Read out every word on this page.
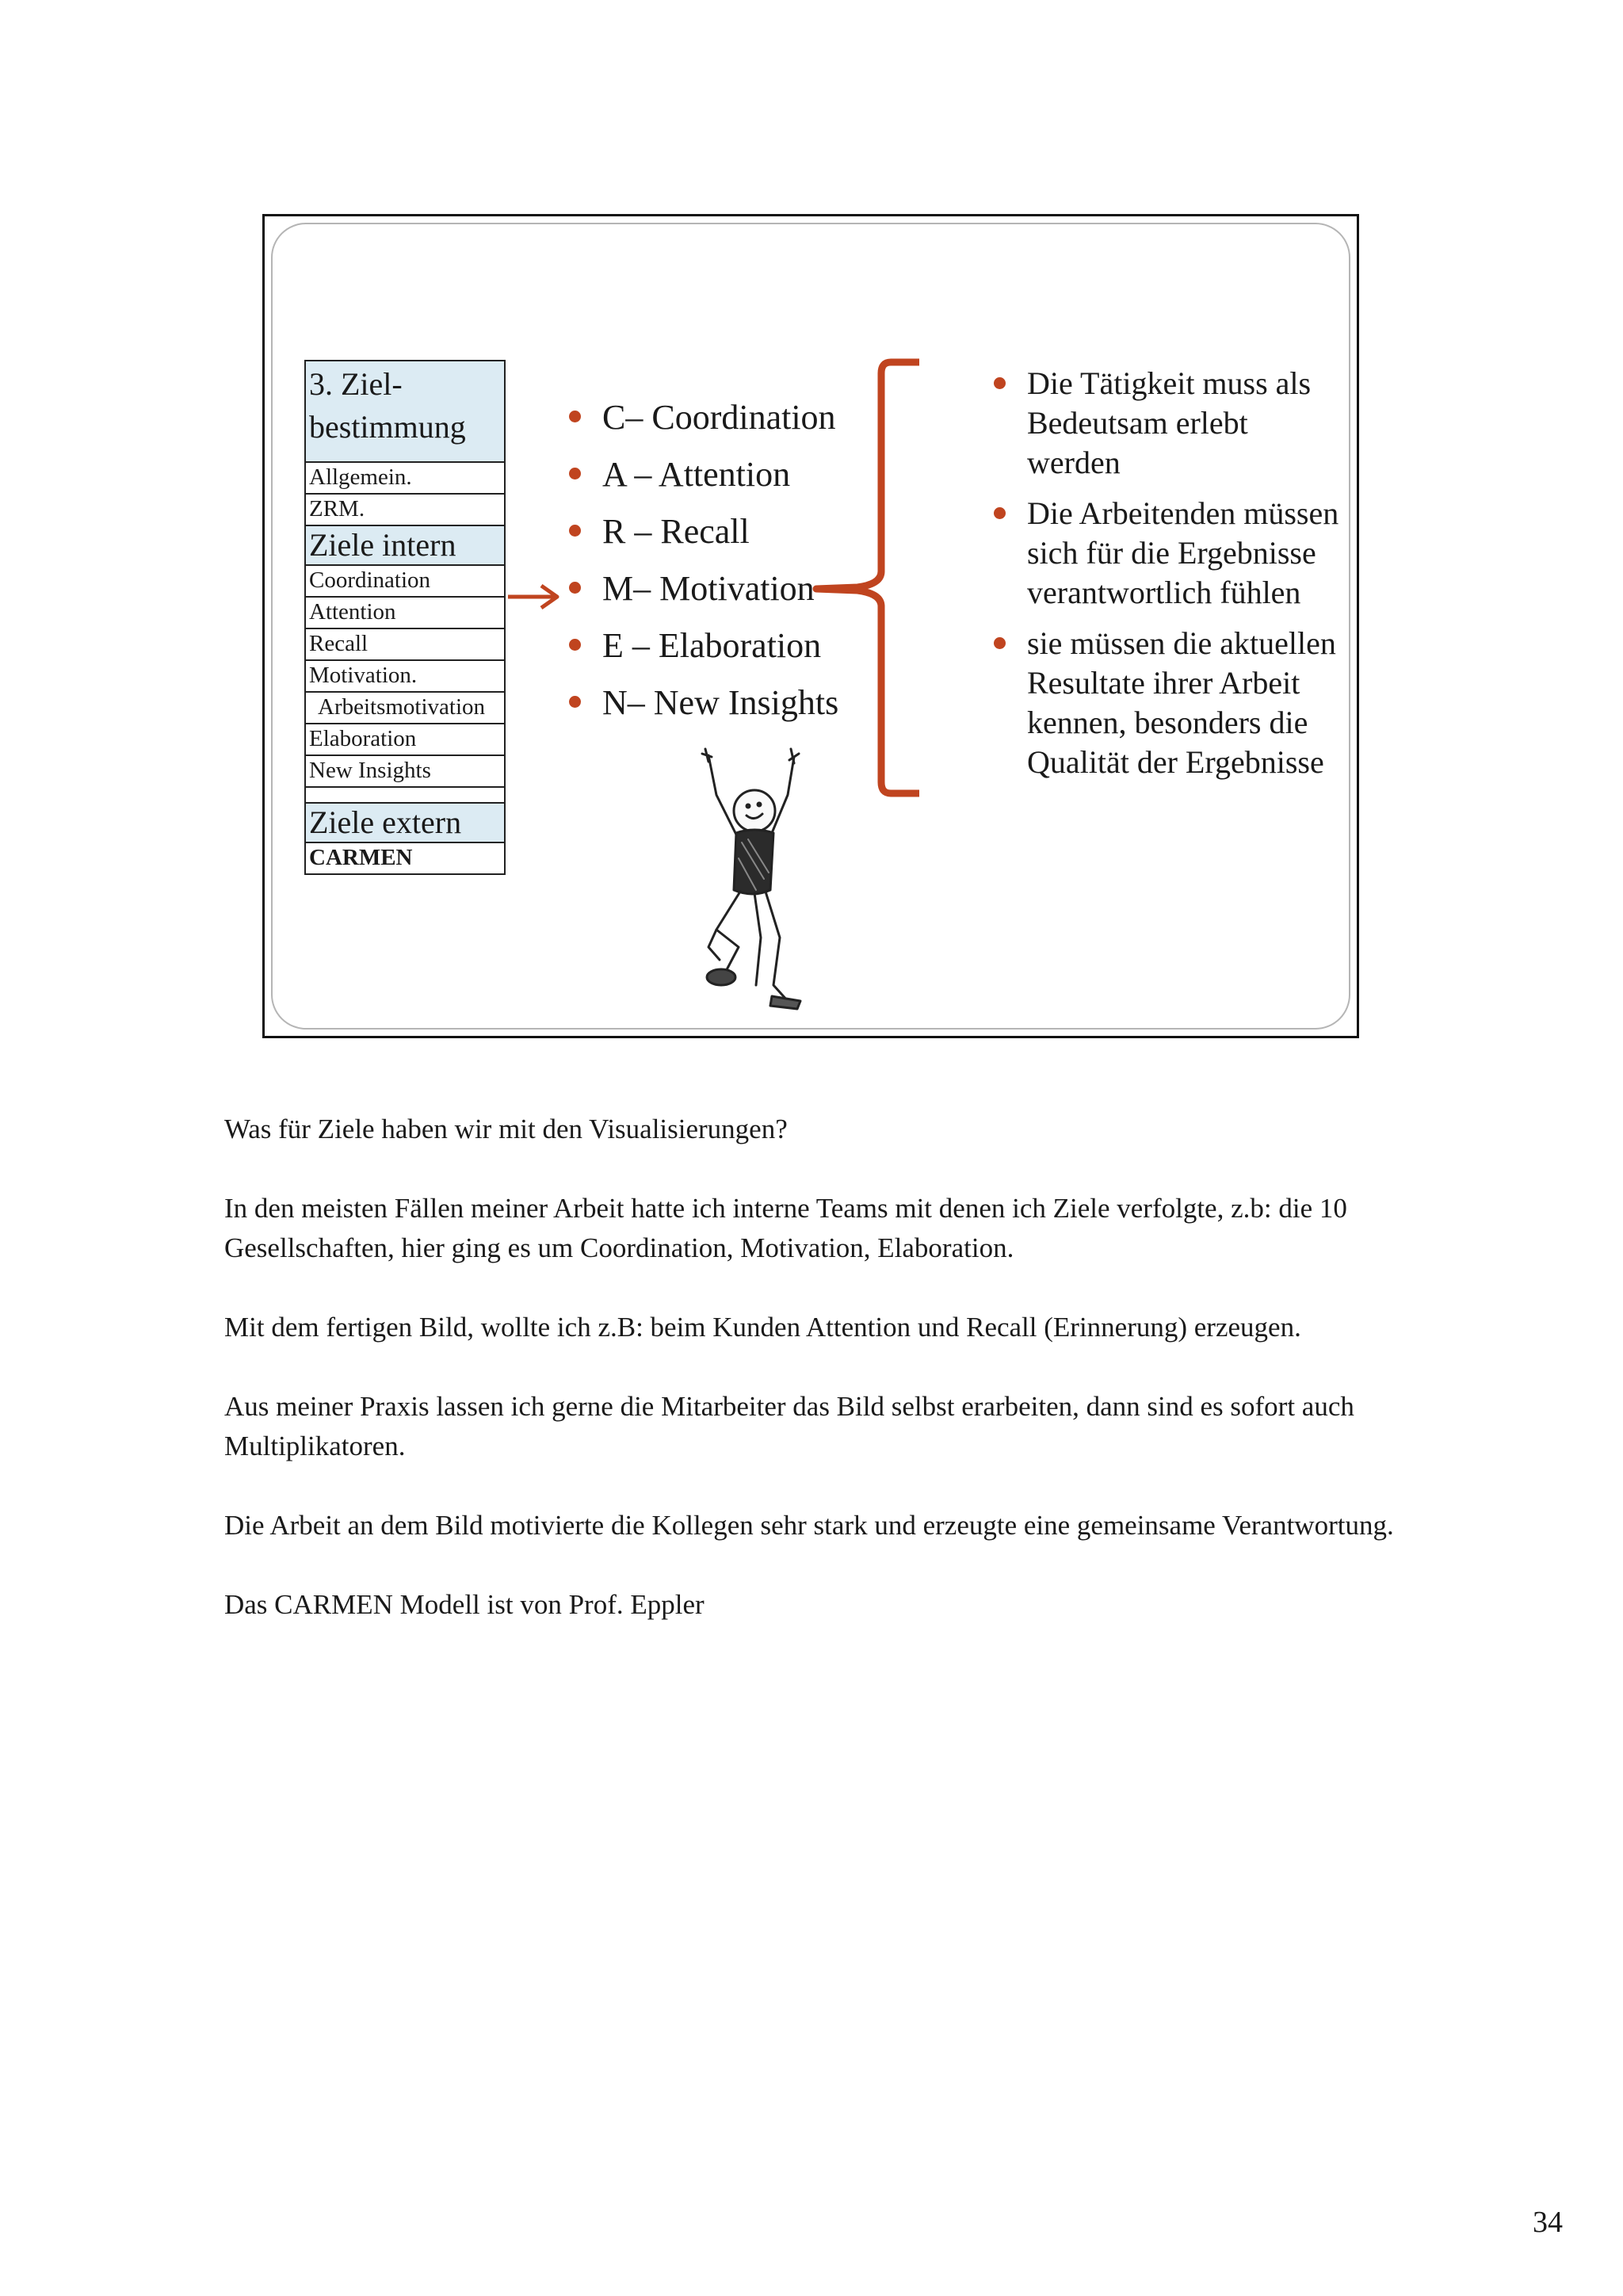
3. Ziel-
bestimmung
Allgemein.
ZRM.
Ziele intern
Coordination
Attention
Recall
Motivation.
Arbeitsmotivation
Elaboration
New Insights

Ziele extern
CARMEN
C– Coordination
A – Attention
R – Recall
M– Motivation
E – Elaboration
N– New Insights
Die Tätigkeit muss als Bedeutsam erlebt werden
Die Arbeitenden müssen sich für die Ergebnisse verantwortlich fühlen
sie müssen die aktuellen Resultate ihrer Arbeit kennen, besonders die Qualität der Ergebnisse

Was für Ziele haben wir mit den Visualisierungen?

In den meisten Fällen meiner Arbeit hatte ich interne Teams mit denen ich Ziele verfolgte, z.b: die 10 Gesellschaften, hier ging es um Coordination, Motivation, Elaboration.

Mit dem fertigen Bild, wollte ich z.B: beim Kunden Attention und Recall (Erinnerung) erzeugen.

Aus meiner Praxis lassen ich gerne die Mitarbeiter das Bild selbst erarbeiten, dann sind es sofort auch Multiplikatoren.

Die Arbeit an dem Bild motivierte die Kollegen sehr stark und erzeugte eine gemeinsame Verantwortung.

Das CARMEN Modell ist von Prof. Eppler

34
